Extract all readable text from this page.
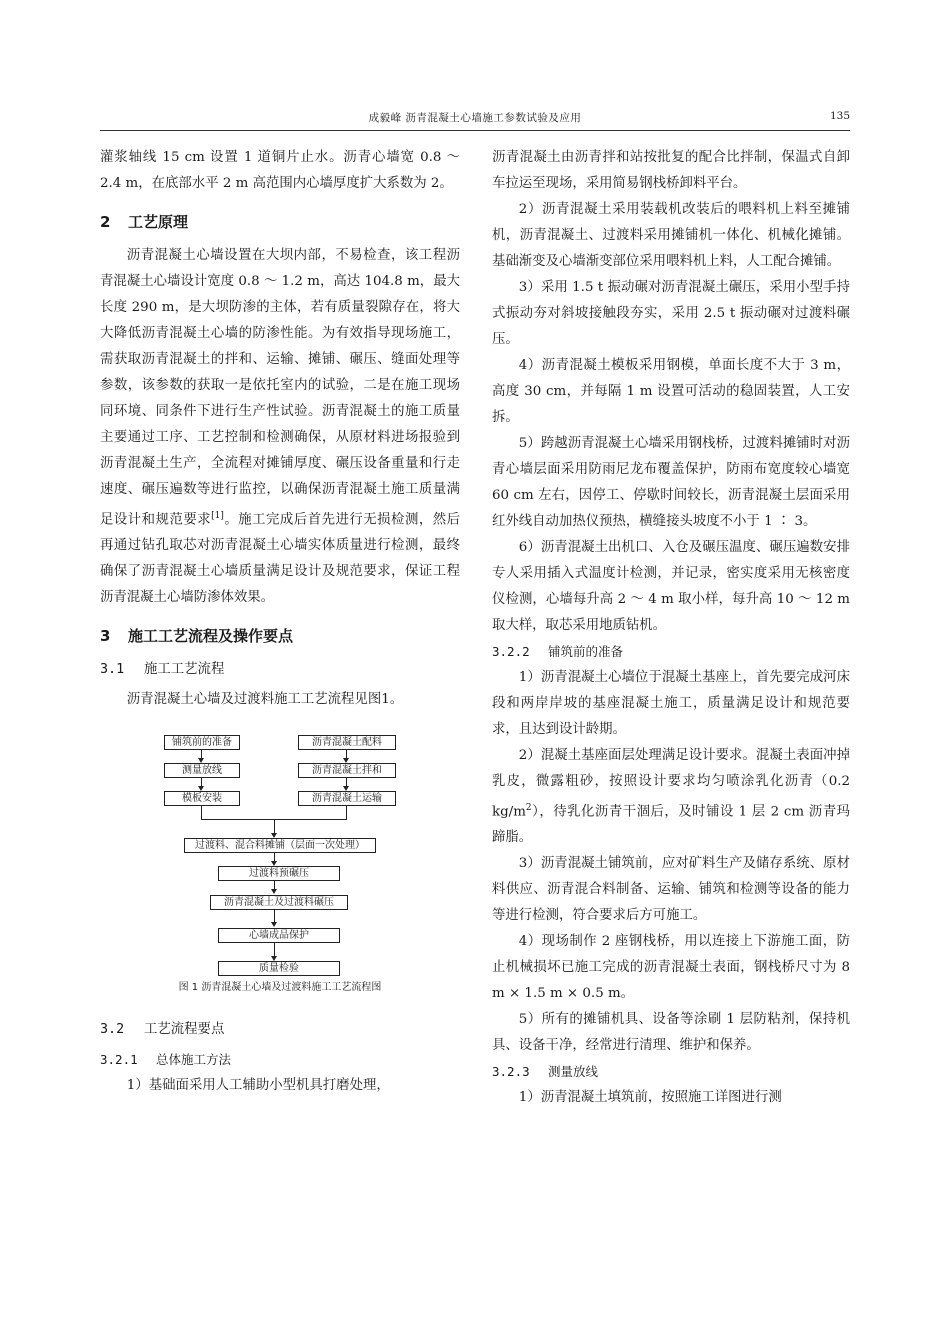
成毅峰 沥青混凝土心墙施工参数试验及应用	135

灌浆轴线 15 cm 设置 1 道铜片止水。沥青心墙宽 0.8 ～ 2.4 m，在底部水平 2 m 高范围内心墙厚度扩大系数为 2。

2 工艺原理

沥青混凝土心墙设置在大坝内部，不易检查，该工程沥青混凝土心墙设计宽度 0.8 ～ 1.2 m，高达 104.8 m，最大长度 290 m，是大坝防渗的主体，若有质量裂隙存在，将大大降低沥青混凝土心墙的防渗性能。为有效指导现场施工，需获取沥青混凝土的拌和、运输、摊铺、碾压、缝面处理等参数，该参数的获取一是依托室内的试验，二是在施工现场同环境、同条件下进行生产性试验。沥青混凝土的施工质量主要通过工序、工艺控制和检测确保，从原材料进场报验到沥青混凝土生产，全流程对摊铺厚度、碾压设备重量和行走速度、碾压遍数等进行监控，以确保沥青混凝土施工质量满足设计和规范要求[1]。施工完成后首先进行无损检测，然后再通过钻孔取芯对沥青混凝土心墙实体质量进行检测，最终确保了沥青混凝土心墙质量满足设计及规范要求，保证工程沥青混凝土心墙防渗体效果。

3 施工工艺流程及操作要点
3.1 施工工艺流程

沥青混凝土心墙及过渡料施工工艺流程见图1。

铺筑前的准备
测量放线
模板安装
沥青混凝土配料
沥青混凝土拌和
沥青混凝土运输
过渡料、混合料摊铺（层面一次处理）
过渡料预碾压
沥青混凝土及过渡料碾压
心墙成品保护
质量检验
图 1 沥青混凝土心墙及过渡料施工工艺流程图
3.2 工艺流程要点
3.2.1 总体施工方法

1）基础面采用人工辅助小型机具打磨处理，

沥青混凝土由沥青拌和站按批复的配合比拌制，保温式自卸车拉运至现场，采用简易钢栈桥卸料平台。

2）沥青混凝土采用装载机改装后的喂料机上料至摊铺机，沥青混凝土、过渡料采用摊铺机一体化、机械化摊铺。基础渐变及心墙渐变部位采用喂料机上料，人工配合摊铺。

3）采用 1.5 t 振动碾对沥青混凝土碾压，采用小型手持式振动夯对斜坡接触段夯实，采用 2.5 t 振动碾对过渡料碾压。

4）沥青混凝土模板采用钢模，单面长度不大于 3 m，高度 30 cm，并每隔 1 m 设置可活动的稳固装置，人工安拆。

5）跨越沥青混凝土心墙采用钢栈桥，过渡料摊铺时对沥青心墙层面采用防雨尼龙布覆盖保护，防雨布宽度较心墙宽 60 cm 左右，因停工、停歇时间较长，沥青混凝土层面采用红外线自动加热仪预热，横缝接头坡度不小于 1 ∶ 3。

6）沥青混凝土出机口、入仓及碾压温度、碾压遍数安排专人采用插入式温度计检测，并记录，密实度采用无核密度仪检测，心墙每升高 2 ～ 4 m 取小样，每升高 10 ～ 12 m 取大样，取芯采用地质钻机。

3.2.2 铺筑前的准备

1）沥青混凝土心墙位于混凝土基座上，首先要完成河床段和两岸岸坡的基座混凝土施工，质量满足设计和规范要求，且达到设计龄期。

2）混凝土基座面层处理满足设计要求。混凝土表面冲掉乳皮，微露粗砂，按照设计要求均匀喷涂乳化沥青（0.2 $kg/m^2$），待乳化沥青干涸后，及时铺设 1 层 2 cm 沥青玛蹄脂。

3）沥青混凝土铺筑前，应对矿料生产及储存系统、原材料供应、沥青混合料制备、运输、铺筑和检测等设备的能力等进行检测，符合要求后方可施工。

4）现场制作 2 座钢栈桥，用以连接上下游施工面，防止机械损坏已施工完成的沥青混凝土表面，钢栈桥尺寸为 8 m × 1.5 m × 0.5 m。

5）所有的摊铺机具、设备等涂刷 1 层防粘剂，保持机具、设备干净，经常进行清理、维护和保养。

3.2.3 测量放线

1）沥青混凝土填筑前，按照施工详图进行测
